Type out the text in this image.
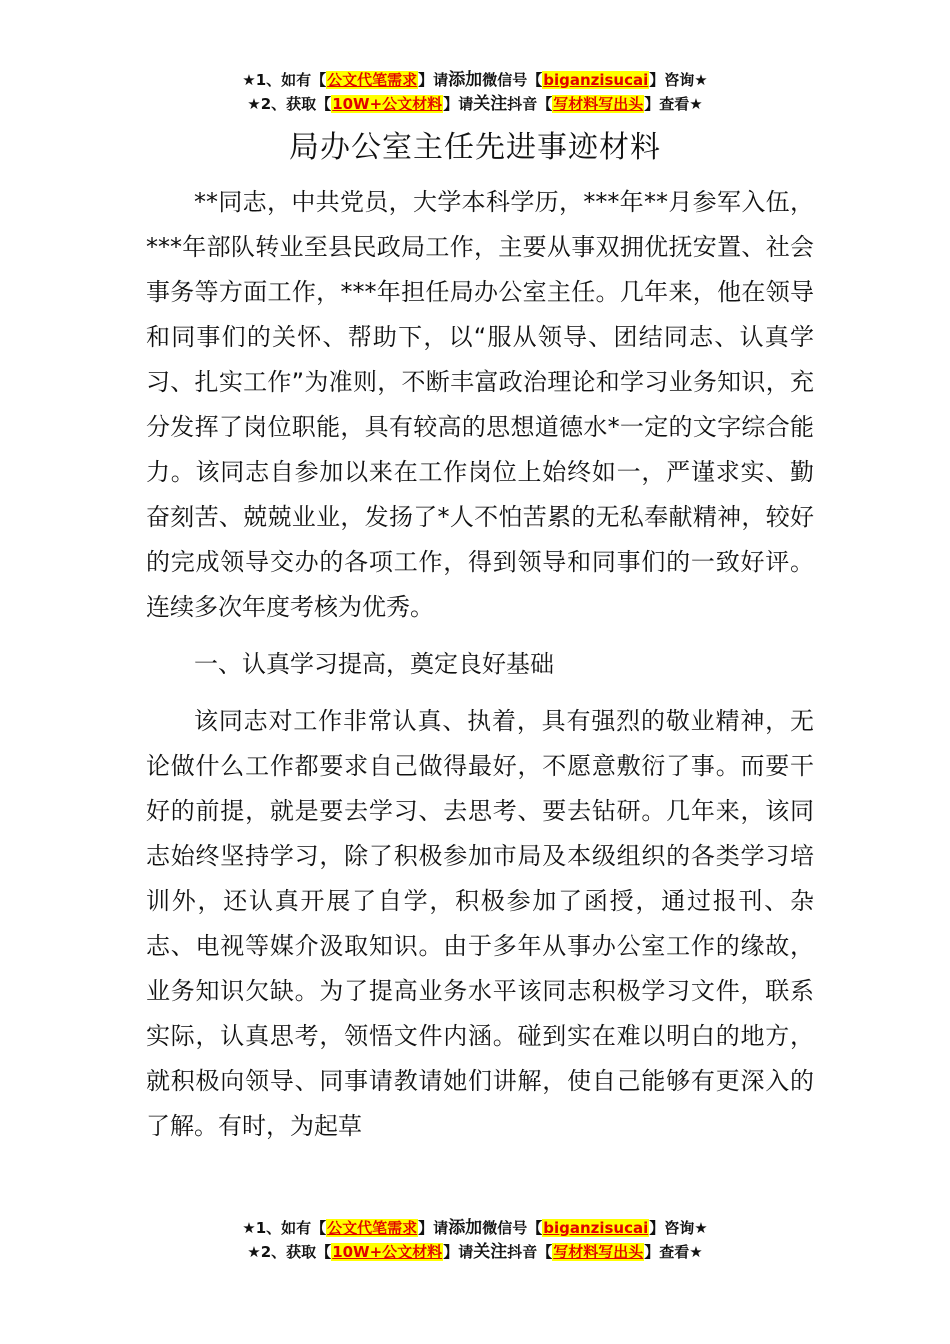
★1、如有【公文代笔需求】请添加微信号【biganzisucai】咨询★
★2、获取【10W+公文材料】请关注抖音【写材料写出头】查看★
局办公室主任先进事迹材料

**同志，中共党员，大学本科学历，***年**月参军入伍，***年部队转业至县民政局工作，主要从事双拥优抚安置、社会事务等方面工作，***年担任局办公室主任。几年来，他在领导和同事们的关怀、帮助下，以“服从领导、团结同志、认真学习、扎实工作”为准则，不断丰富政治理论和学习业务知识，充分发挥了岗位职能，具有较高的思想道德水*一定的文字综合能力。该同志自参加以来在工作岗位上始终如一，严谨求实、勤奋刻苦、兢兢业业，发扬了*人不怕苦累的无私奉献精神，较好的完成领导交办的各项工作，得到领导和同事们的一致好评。连续多次年度考核为优秀。

一、认真学习提高，奠定良好基础

该同志对工作非常认真、执着，具有强烈的敬业精神，无论做什么工作都要求自己做得最好，不愿意敷衍了事。而要干好的前提，就是要去学习、去思考、要去钻研。几年来，该同志始终坚持学习，除了积极参加市局及本级组织的各类学习培训外，还认真开展了自学，积极参加了函授，通过报刊、杂志、电视等媒介汲取知识。由于多年从事办公室工作的缘故，业务知识欠缺。为了提高业务水平该同志积极学习文件，联系实际，认真思考，领悟文件内涵。碰到实在难以明白的地方，就积极向领导、同事请教请她们讲解，使自己能够有更深入的了解。有时，为起草

★1、如有【公文代笔需求】请添加微信号【biganzisucai】咨询★
★2、获取【10W+公文材料】请关注抖音【写材料写出头】查看★
